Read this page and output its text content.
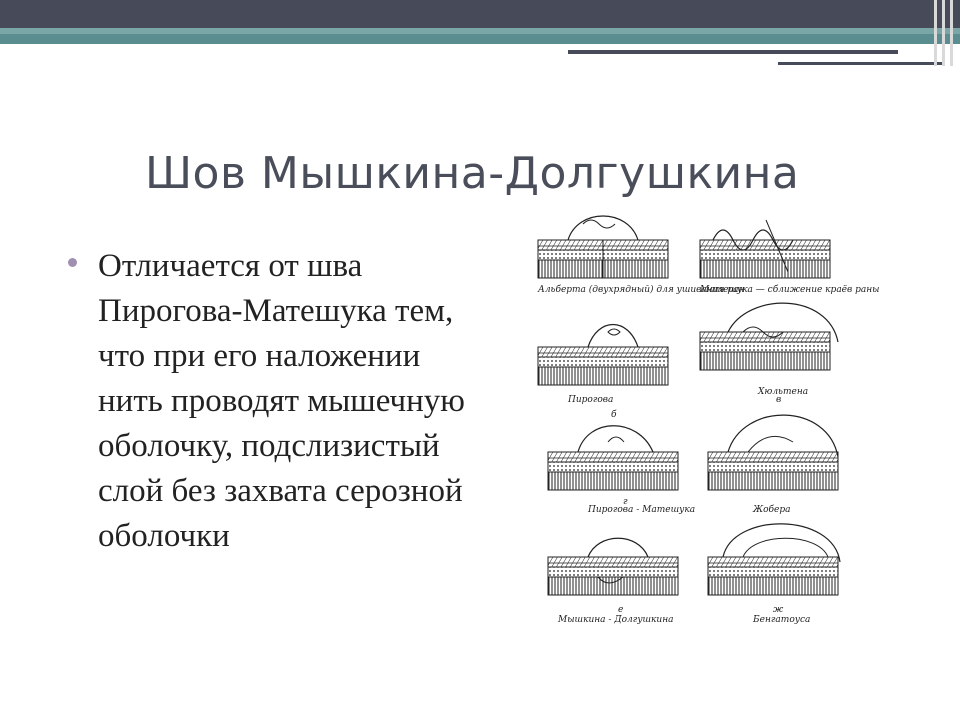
Шов Мышкина-Долгушкина
Отличается от шва Пирогова-Матешука тем, что при его наложении нить проводят мышечную оболочку, подслизистый слой без захвата серозной оболочки
Альберта (двухрядный) для ушивания ран
Матешука — сближение краёв раны
Пирогова
Хюльтена
Пирогова - Матешука	Жобера
Мышкина - Долгушкина	Бенгатоуса
б
в
г
е	ж
